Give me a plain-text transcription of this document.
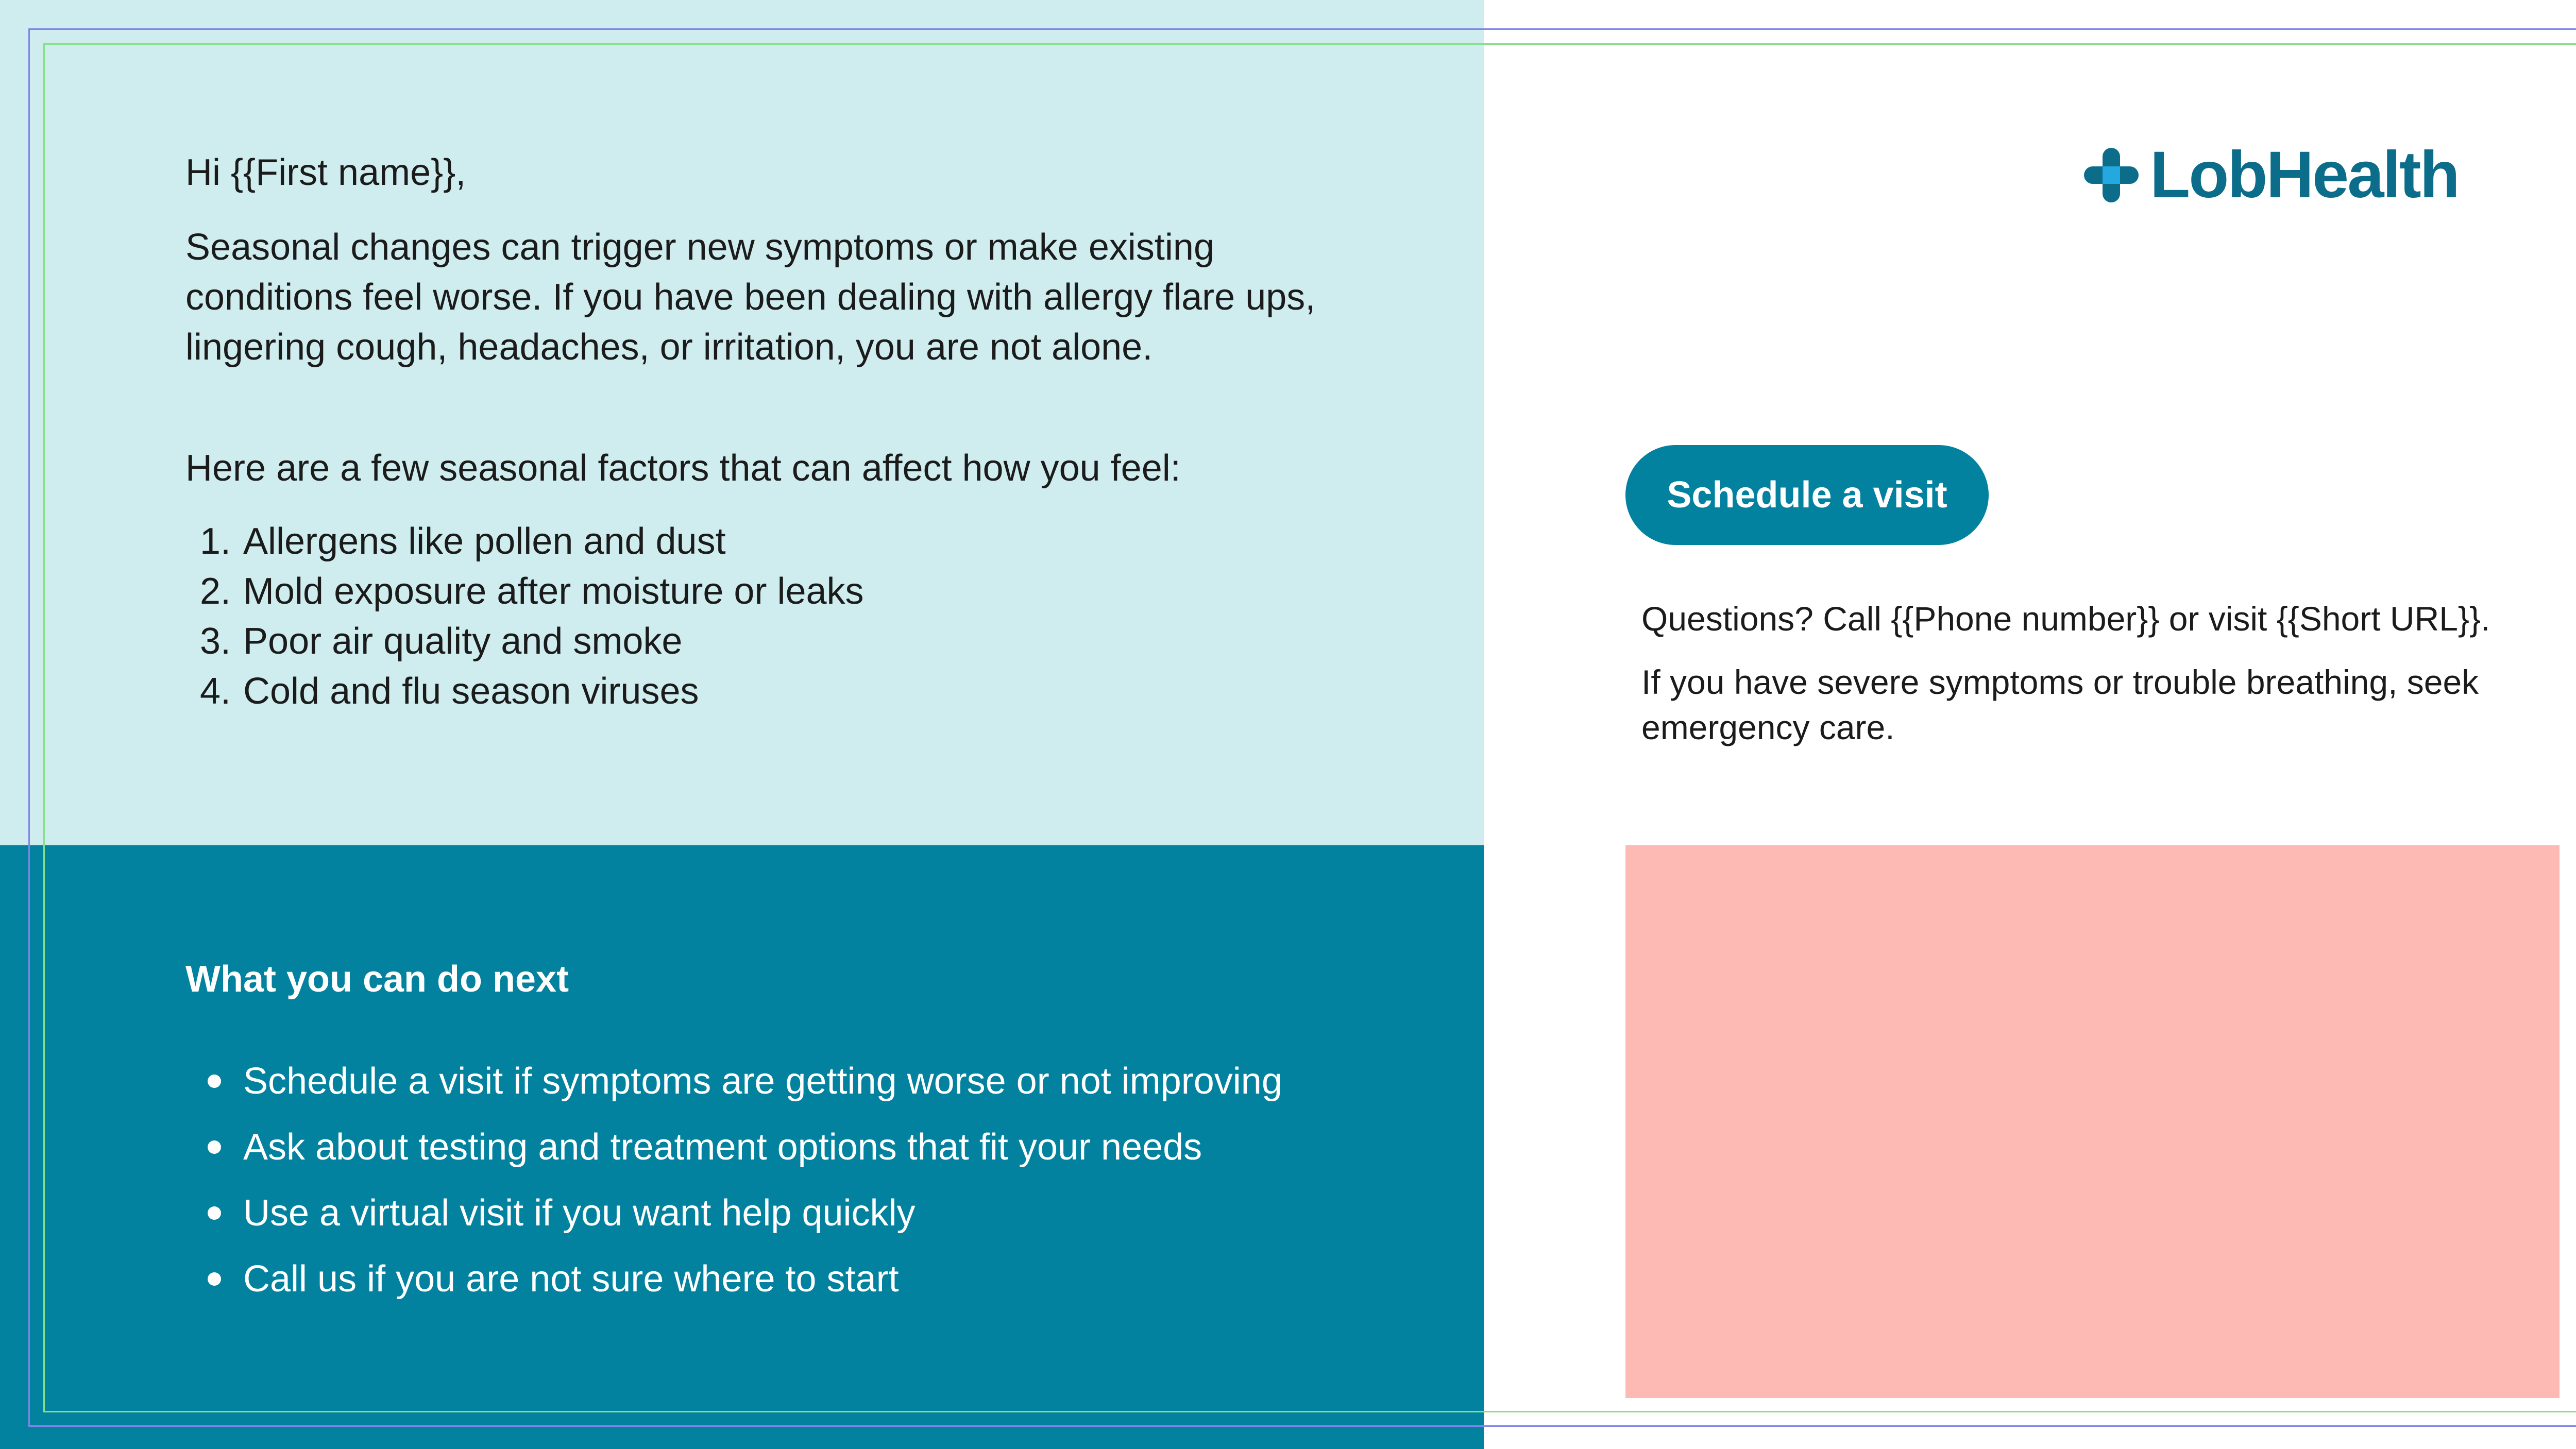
Hi {{First name}},

Seasonal changes can trigger new symptoms or make existing conditions feel worse. If you have been dealing with allergy flare ups, lingering cough, headaches, or irritation, you are not alone.

Here are a few seasonal factors that can affect how you feel:
1. Allergens like pollen and dust
2. Mold exposure after moisture or leaks
3. Poor air quality and smoke
4. Cold and flu season viruses
What you can do next
Schedule a visit if symptoms are getting worse or not improving
Ask about testing and treatment options that fit your needs
Use a virtual visit if you want help quickly
Call us if you are not sure where to start
LobHealth
Schedule a visit

Questions? Call {{Phone number}} or visit {{Short URL}}.

If you have severe symptoms or trouble breathing, seek emergency care.
